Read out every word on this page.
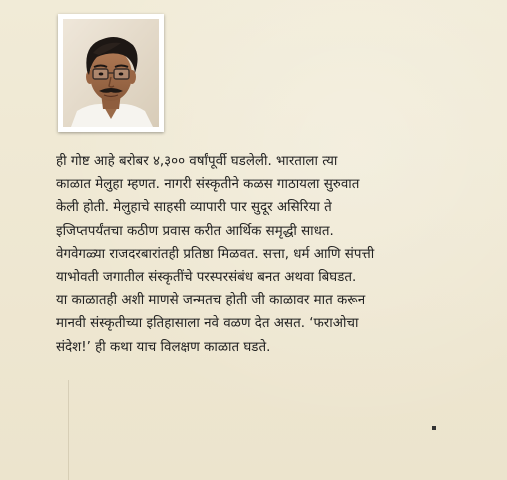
ही गोष्ट आहे बरोबर ४,३०० वर्षांपूर्वी घडलेली. भारताला त्या
काळात मेलुहा म्हणत. नागरी संस्कृतीने कळस गाठायला सुरुवात
केली होती. मेलुहाचे साहसी व्यापारी पार सुदूर असिरिया ते
इजिप्तपर्यंतचा कठीण प्रवास करीत आर्थिक समृद्धी साधत.
वेगवेगळ्या राजदरबारांतही प्रतिष्ठा मिळवत. सत्ता, धर्म आणि संपत्ती
याभोवती जगातील संस्कृतींचे परस्परसंबंध बनत अथवा बिघडत.
या काळातही अशी माणसे जन्मतच होती जी काळावर मात करून
मानवी संस्कृतीच्या इतिहासाला नवे वळण देत असत. ‘फराओचा
संदेश!’ ही कथा याच विलक्षण काळात घडते.
